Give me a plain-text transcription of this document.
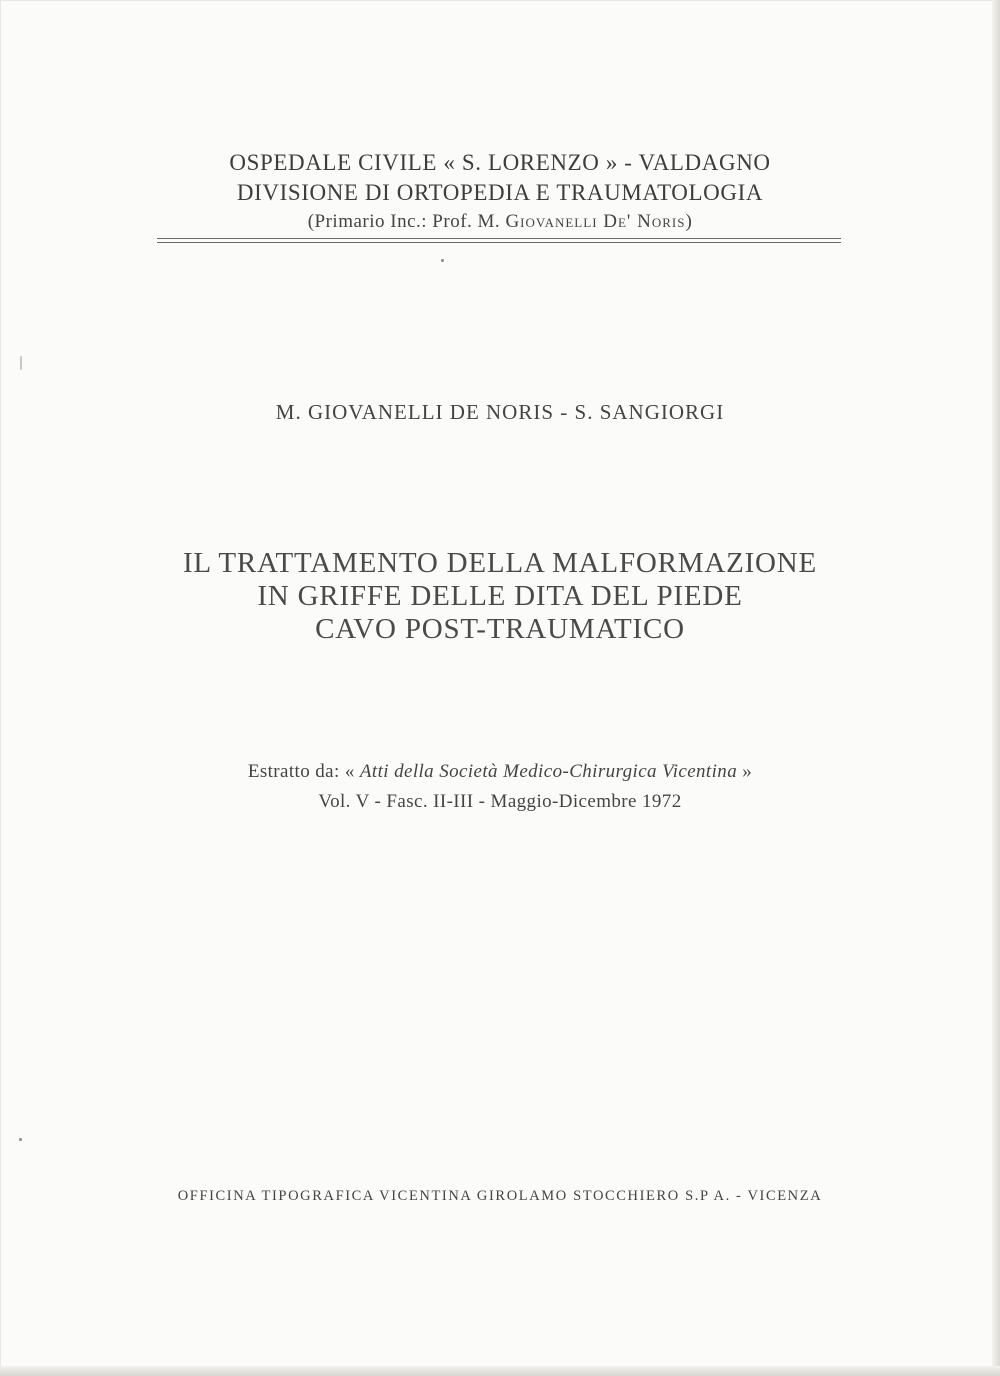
OSPEDALE CIVILE « S. LORENZO » - VALDAGNO
DIVISIONE DI ORTOPEDIA E TRAUMATOLOGIA
(Primario Inc.: Prof. M. Giovanelli De' Noris)
M. GIOVANELLI DE NORIS - S. SANGIORGI
IL TRATTAMENTO DELLA MALFORMAZIONE
IN GRIFFE DELLE DITA DEL PIEDE
CAVO POST-TRAUMATICO
Estratto da: « Atti della Società Medico-Chirurgica Vicentina »
Vol. V - Fasc. II-III - Maggio-Dicembre 1972
OFFICINA TIPOGRAFICA VICENTINA GIROLAMO STOCCHIERO S.P A. - VICENZA
